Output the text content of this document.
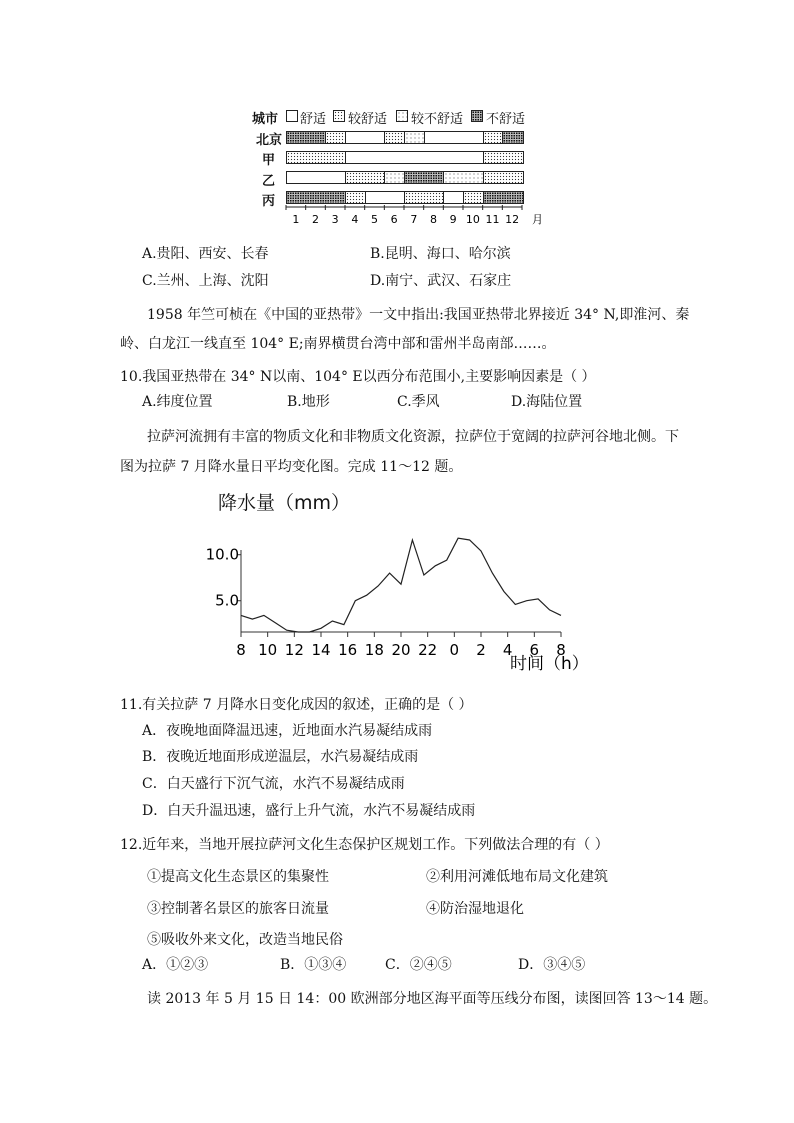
城市 舒适 较舒适 较不舒适 不舒适
北京
甲
乙
丙
1 2 3 4 5 6 7 8 9 10 11 12 月
A.贵阳、西安、长春	B.昆明、海口、哈尔滨
C.兰州、上海、沈阳	D.南宁、武汉、石家庄
1958 年竺可桢在《中国的亚热带》一文中指出:我国亚热带北界接近 34° N,即淮河、秦
岭、白龙江一线直至 104° E;南界横贯台湾中部和雷州半岛南部……。
10.我国亚热带在 34° N以南、104° E以西分布范围小,主要影响因素是（ ）
A.纬度位置	B.地形	C.季风	D.海陆位置
拉萨河流拥有丰富的物质文化和非物质文化资源，拉萨位于宽阔的拉萨河谷地北侧。下
图为拉萨 7 月降水量日平均变化图。完成 11～12 题。
降水量（mm）
5.0
10.0
8 10 12 14 16 18 20 22 0 2 4 6 8
时间（h）
11.有关拉萨 7 月降水日变化成因的叙述，正确的是（ ）
A．夜晚地面降温迅速，近地面水汽易凝结成雨
B．夜晚近地面形成逆温层，水汽易凝结成雨
C．白天盛行下沉气流，水汽不易凝结成雨
D．白天升温迅速，盛行上升气流，水汽不易凝结成雨
12.近年来，当地开展拉萨河文化生态保护区规划工作。下列做法合理的有（ ）
①提高文化生态景区的集聚性	②利用河滩低地布局文化建筑
③控制著名景区的旅客日流量	④防治湿地退化
⑤吸收外来文化，改造当地民俗
A．①②③	B．①③④	C．②④⑤	D．③④⑤
读 2013 年 5 月 15 日 14：00 欧洲部分地区海平面等压线分布图，读图回答 13～14 题。
